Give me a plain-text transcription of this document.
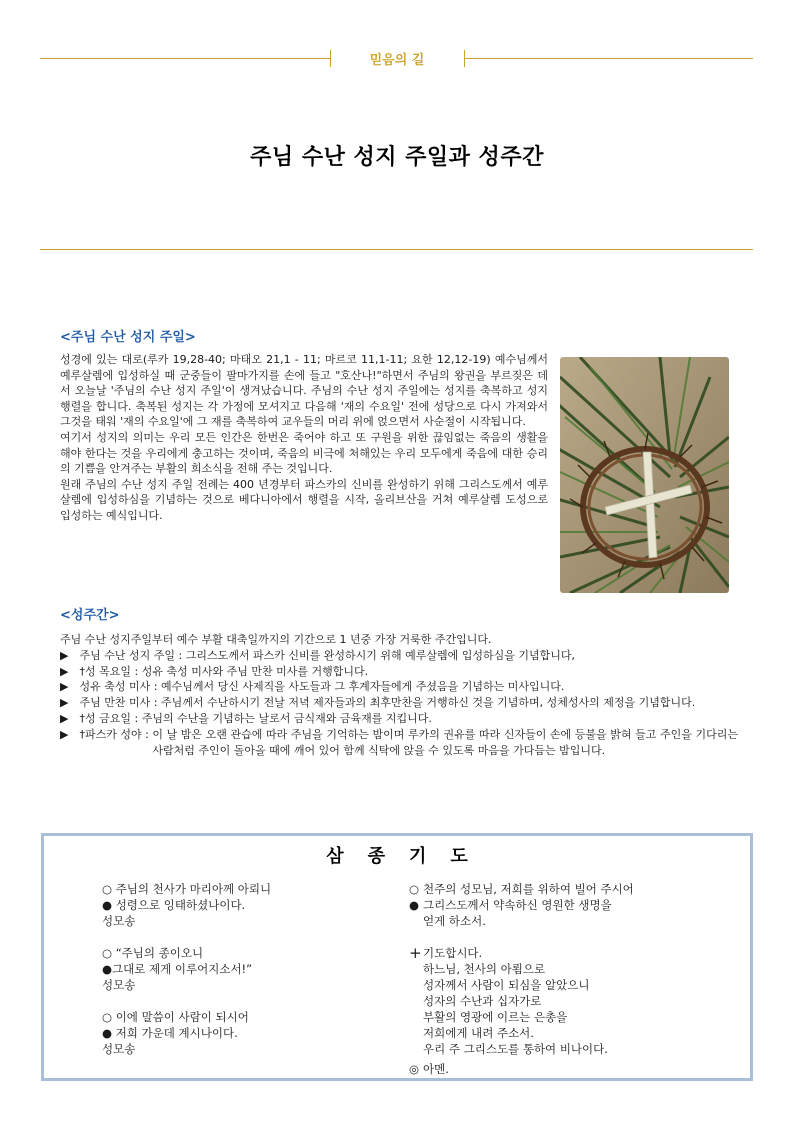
믿음의 길
주님 수난 성지 주일과 성주간
<주님 수난 성지 주일>

성경에 있는 대로(루카 19,28-40; 마태오 21,1 - 11; 마르코 11,1-11; 요한 12,12-19) 예수님께서 예루살렘에 입성하실 때 군중들이 팔마가지를 손에 들고 "호산나!"하면서 주님의 왕권을 부르짖은 데서 오늘날 '주님의 수난 성지 주일'이 생겨났습니다. 주님의 수난 성지 주일에는 성지를 축복하고 성지행렬을 합니다. 축복된 성지는 각 가정에 모셔지고 다음해 '재의 수요일' 전에 성당으로 다시 가져와서 그것을 태워 '재의 수요일'에 그 재를 축복하여 교우들의 머리 위에 얹으면서 사순절이 시작됩니다.

여기서 성지의 의미는 우리 모든 인간은 한번은 죽어야 하고 또 구원을 위한 끊임없는 죽음의 생활을 해야 한다는 것을 우리에게 충고하는 것이며, 죽음의 비극에 처해있는 우리 모두에게 죽음에 대한 승리의 기쁨을 안겨주는 부활의 희소식을 전해 주는 것입니다.

원래 주님의 수난 성지 주일 전례는 400 년경부터 파스카의 신비를 완성하기 위해 그리스도께서 예루살렘에 입성하심을 기념하는 것으로 베다니아에서 행렬을 시작, 올리브산을 거쳐 예루살렘 도성으로 입성하는 예식입니다.

<성주간>

주님 수난 성지주일부터 예수 부활 대축일까지의 기간으로 1 년중 가장 거룩한 주간입니다.

▶ 주님 수난 성지 주일 : 그리스도께서 파스카 신비를 완성하시기 위해 예루살렘에 입성하심을 기념합니다,
▶ †성 목요일 : 성유 축성 미사와 주님 만찬 미사를 거행합니다.
▶ 성유 축성 미사 : 예수님께서 당신 사제직을 사도들과 그 후계자들에게 주셨음을 기념하는 미사입니다.
▶ 주님 만찬 미사 : 주님께서 수난하시기 전날 저녁 제자들과의 최후만찬을 거행하신 것을 기념하며, 성체성사의 제정을 기념합니다.
▶ †성 금요일 : 주님의 수난을 기념하는 날로서 금식재와 금육재를 지킵니다.
▶ †파스카 성야 : 이 날 밤은 오랜 관습에 따라 주님을 기억하는 밤이며 루카의 권유를 따라 신자들이 손에 등불을 밝혀 들고 주인을 기다리는 사람처럼 주인이 돌아올 때에 깨어 있어 함께 식탁에 앉을 수 있도록 마음을 가다듬는 밤입니다.
삼종기도

○ 주님의 천사가 마리아께 아뢰니

● 성령으로 잉태하셨나이다.

성모송

○ “주님의 종이오니

●그대로 제게 이루어지소서!”

성모송

○ 이에 말씀이 사람이 되시어

● 저희 가운데 계시나이다.

성모송

○ 천주의 성모님, 저희를 위하여 빌어 주시어
● 그리스도께서 약속하신 영원한 생명을

얻게 하소서.

+ 기도합시다.

하느님, 천사의 아룀으로

성자께서 사람이 되심을 알았으니

성자의 수난과 십자가로

부활의 영광에 이르는 은총을

저희에게 내려 주소서.

우리 주 그리스도를 통하여 비나이다.

◎ 아멘.
